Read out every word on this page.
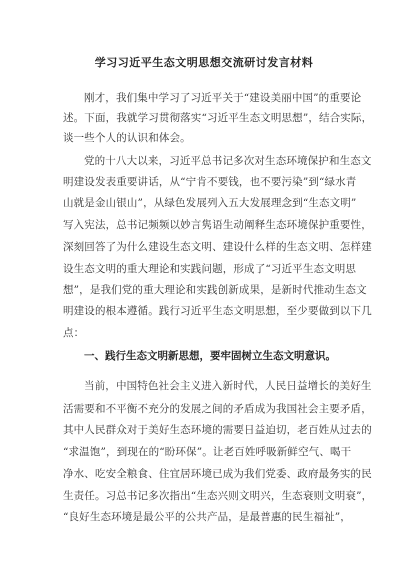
学习习近平生态文明思想交流研讨发言材料
刚才，我们集中学习了习近平关于“建设美丽中国”的重要论
述。下面，我就学习贯彻落实“习近平生态文明思想”，结合实际，
谈一些个人的认识和体会。
党的十八大以来，习近平总书记多次对生态环境保护和生态文
明建设发表重要讲话，从“宁肯不要钱，也不要污染”到“绿水青
山就是金山银山”，从绿色发展列入五大发展理念到“生态文明”
写入宪法，总书记频频以妙言隽语生动阐释生态环境保护重要性，
深刻回答了为什么建设生态文明、建设什么样的生态文明、怎样建
设生态文明的重大理论和实践问题，形成了“习近平生态文明思
想”，是我们党的重大理论和实践创新成果，是新时代推动生态文
明建设的根本遵循。践行习近平生态文明思想，至少要做到以下几
点：
一、践行生态文明新思想，要牢固树立生态文明意识。
当前，中国特色社会主义进入新时代，人民日益增长的美好生
活需要和不平衡不充分的发展之间的矛盾成为我国社会主要矛盾，
其中人民群众对于美好生态环境的需要日益迫切，老百姓从过去的
“求温饱”，到现在的“盼环保”。让老百姓呼吸新鲜空气、喝干
净水、吃安全粮食、住宜居环境已成为我们党委、政府最务实的民
生责任。习总书记多次指出“生态兴则文明兴，生态衰则文明衰”，
“良好生态环境是最公平的公共产品，是最普惠的民生福祉”，
